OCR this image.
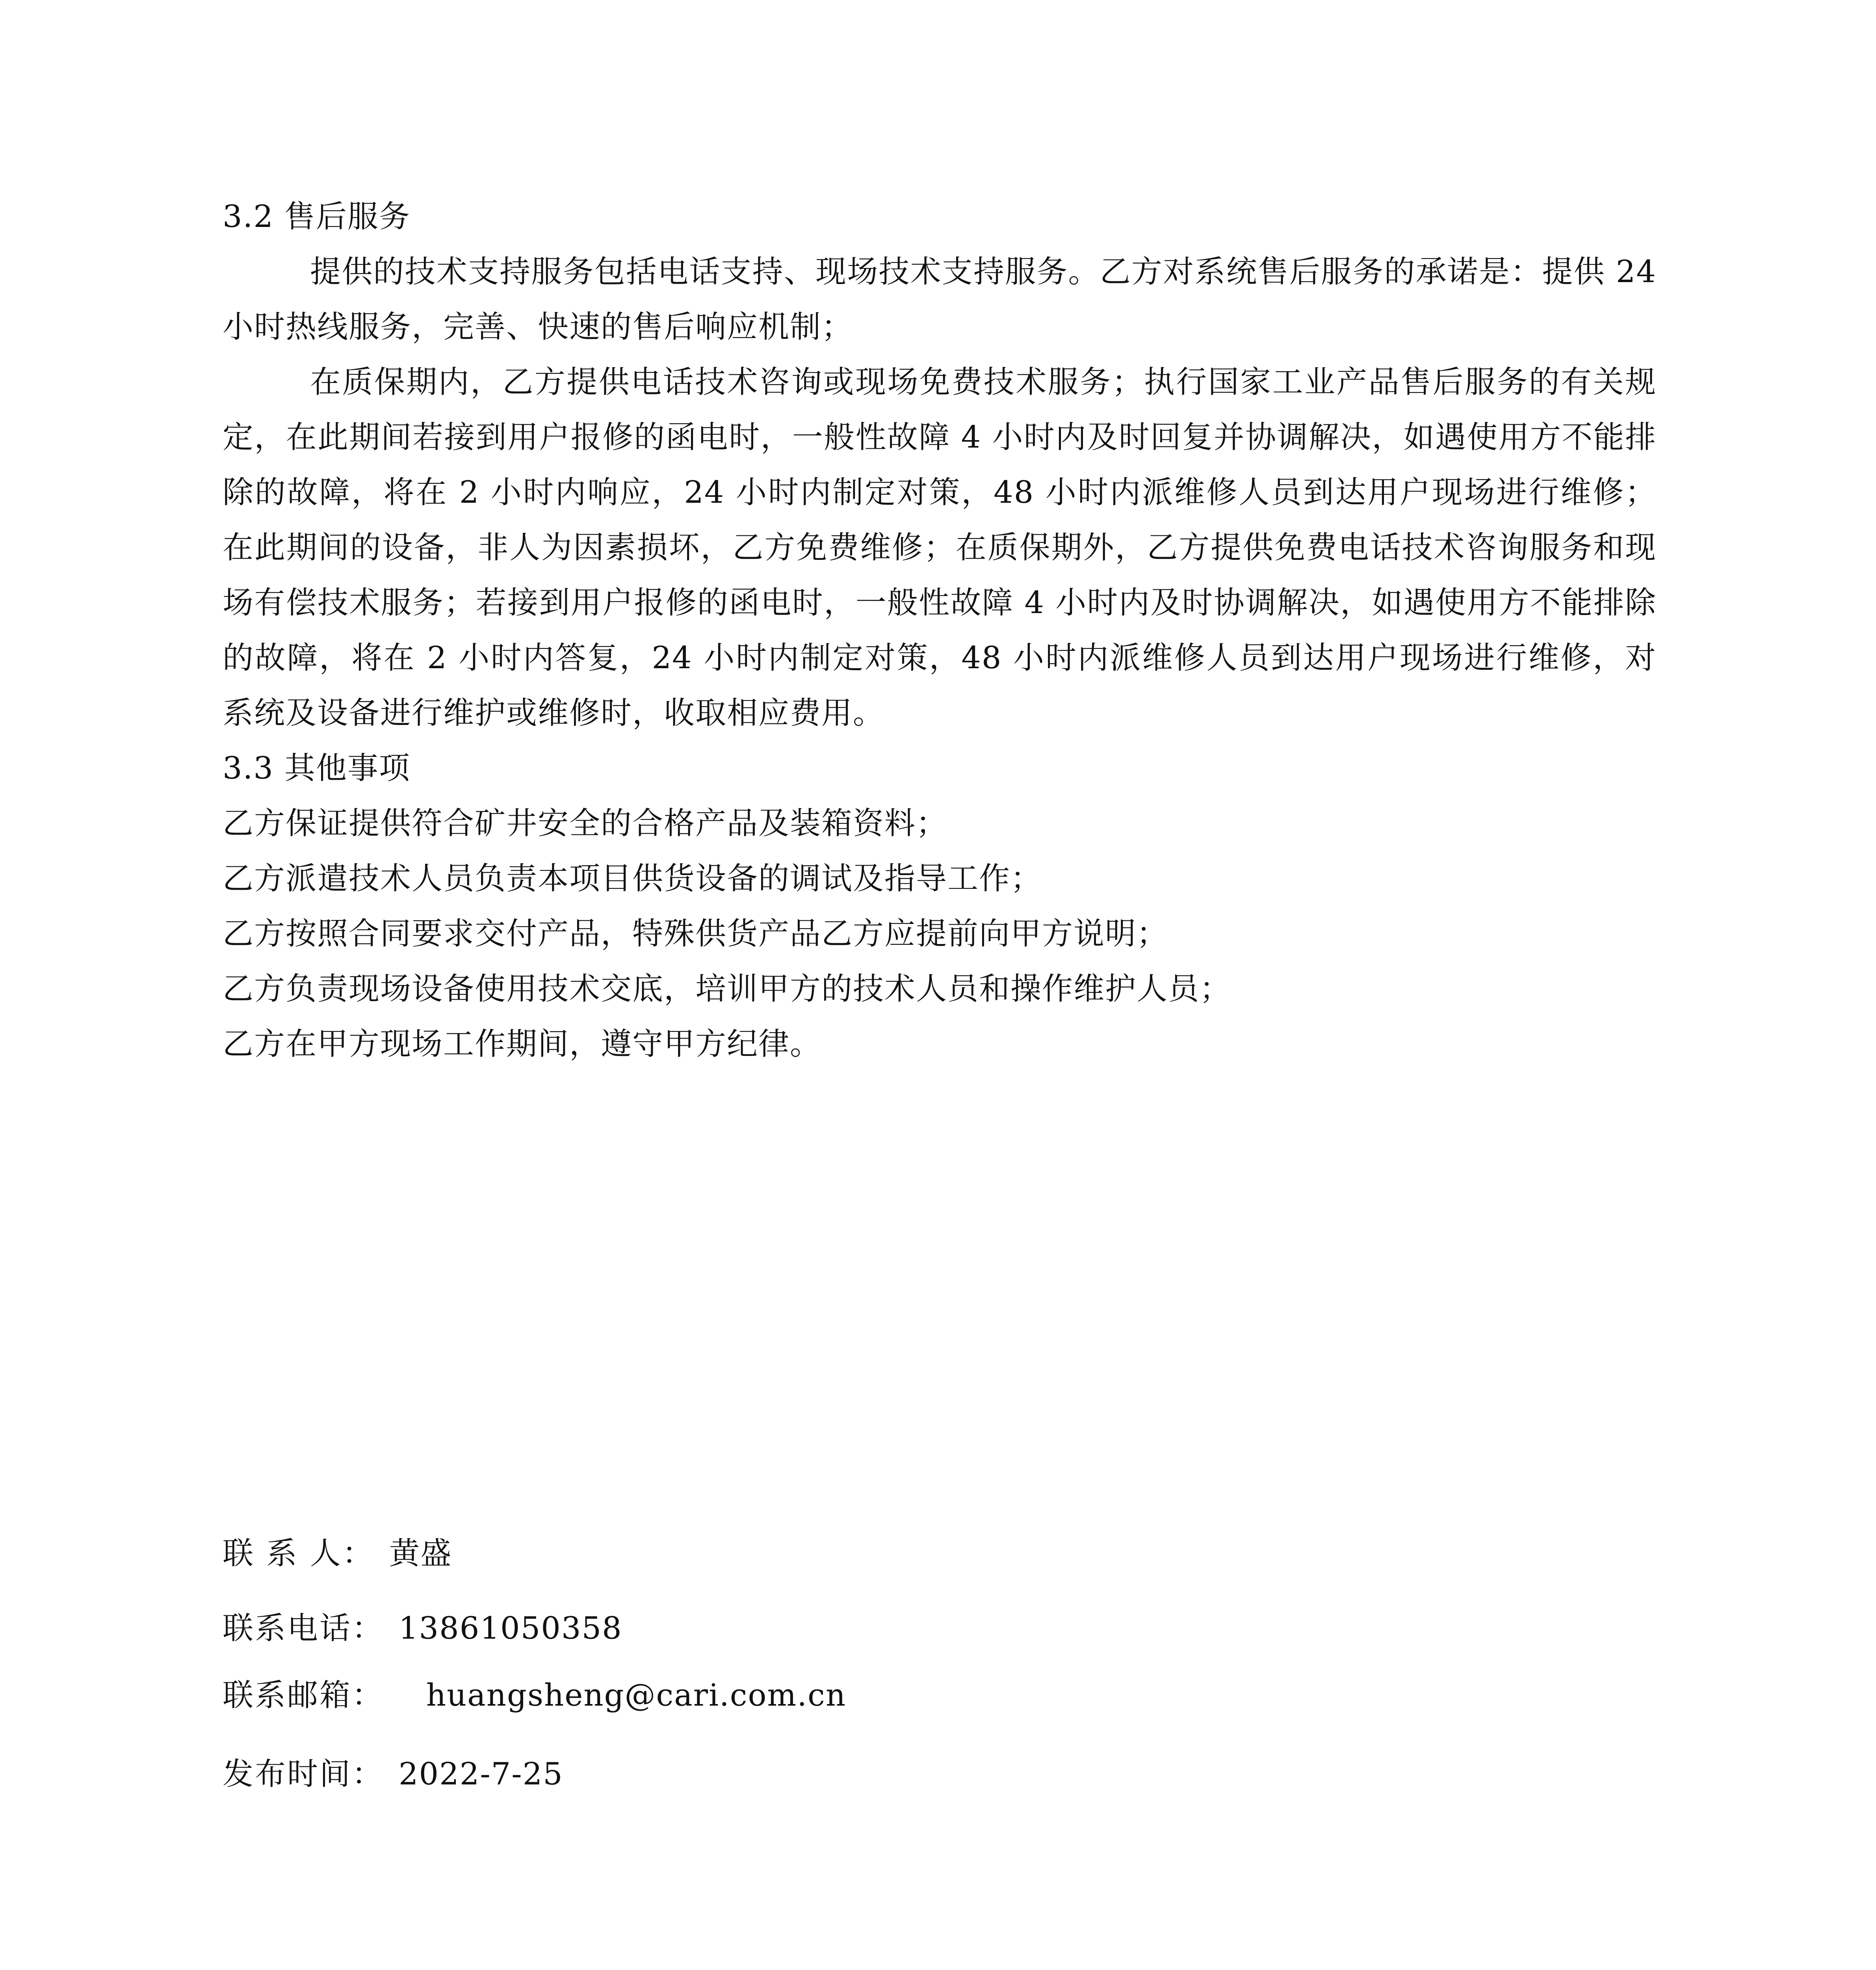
3.2 售后服务

提供的技术支持服务包括电话支持、现场技术支持服务。乙方对系统售后服务的承诺是：提供 24 小时热线服务，完善、快速的售后响应机制；

在质保期内，乙方提供电话技术咨询或现场免费技术服务；执行国家工业产品售后服务的有关规定，在此期间若接到用户报修的函电时，一般性故障 4 小时内及时回复并协调解决，如遇使用方不能排除的故障，将在 2 小时内响应，24 小时内制定对策，48 小时内派维修人员到达用户现场进行维修；在此期间的设备，非人为因素损坏，乙方免费维修；在质保期外，乙方提供免费电话技术咨询服务和现场有偿技术服务；若接到用户报修的函电时，一般性故障 4 小时内及时协调解决，如遇使用方不能排除的故障，将在 2 小时内答复，24 小时内制定对策，48 小时内派维修人员到达用户现场进行维修，对系统及设备进行维护或维修时，收取相应费用。

3.3 其他事项
乙方保证提供符合矿井安全的合格产品及装箱资料；
乙方派遣技术人员负责本项目供货设备的调试及指导工作；
乙方按照合同要求交付产品，特殊供货产品乙方应提前向甲方说明；
乙方负责现场设备使用技术交底，培训甲方的技术人员和操作维护人员；
乙方在甲方现场工作期间，遵守甲方纪律。
联 系 人： 黄盛
联系电话： 13861050358
联系邮箱： huangsheng@cari.com.cn
发布时间： 2022-7-25
